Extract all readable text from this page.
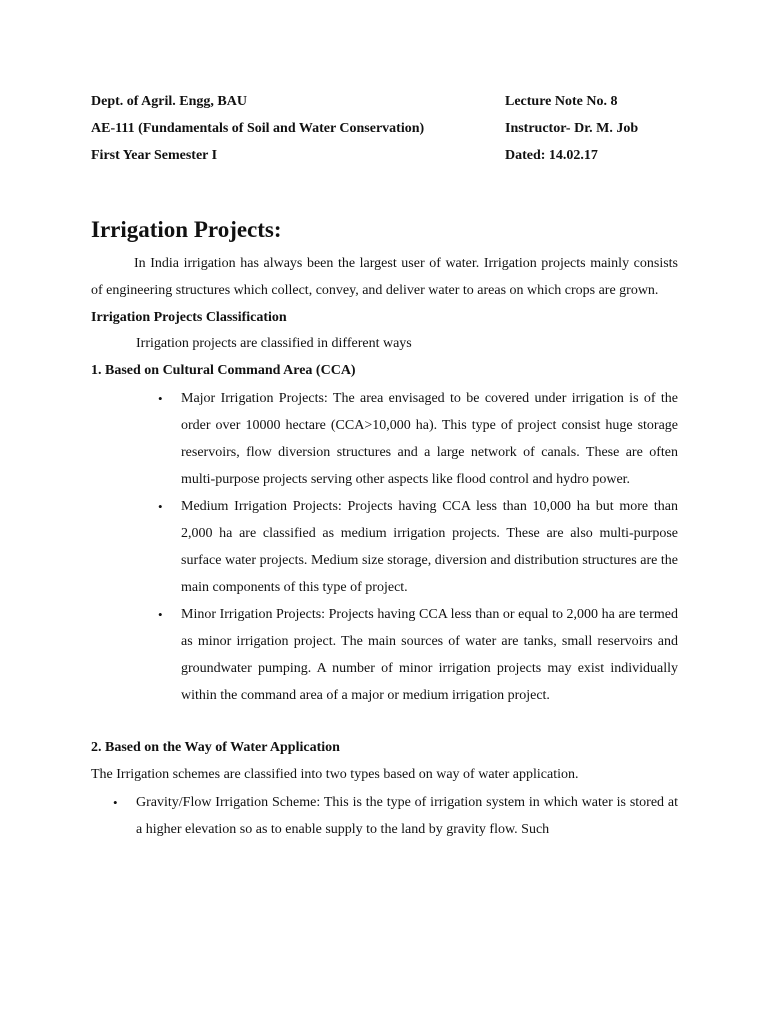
Dept. of Agril. Engg, BAU	Lecture Note No. 8
AE-111 (Fundamentals of Soil and Water Conservation)	Instructor- Dr. M. Job
First Year Semester I	Dated: 14.02.17
Irrigation Projects:

In India irrigation has always been the largest user of water. Irrigation projects mainly consists of engineering structures which collect, convey, and deliver water to areas on which crops are grown.

Irrigation Projects Classification
Irrigation projects are classified in different ways
1. Based on Cultural Command Area (CCA)
• Major Irrigation Projects: The area envisaged to be covered under irrigation is of the order over 10000 hectare (CCA>10,000 ha). This type of project consist huge storage reservoirs, flow diversion structures and a large network of canals. These are often multi-purpose projects serving other aspects like flood control and hydro power.
• Medium Irrigation Projects: Projects having CCA less than 10,000 ha but more than 2,000 ha are classified as medium irrigation projects. These are also multi-purpose surface water projects. Medium size storage, diversion and distribution structures are the main components of this type of project.
• Minor Irrigation Projects: Projects having CCA less than or equal to 2,000 ha are termed as minor irrigation project. The main sources of water are tanks, small reservoirs and groundwater pumping. A number of minor irrigation projects may exist individually within the command area of a major or medium irrigation project.
2. Based on the Way of Water Application

The Irrigation schemes are classified into two types based on way of water application.

• Gravity/Flow Irrigation Scheme: This is the type of irrigation system in which water is stored at a higher elevation so as to enable supply to the land by gravity flow. Such
